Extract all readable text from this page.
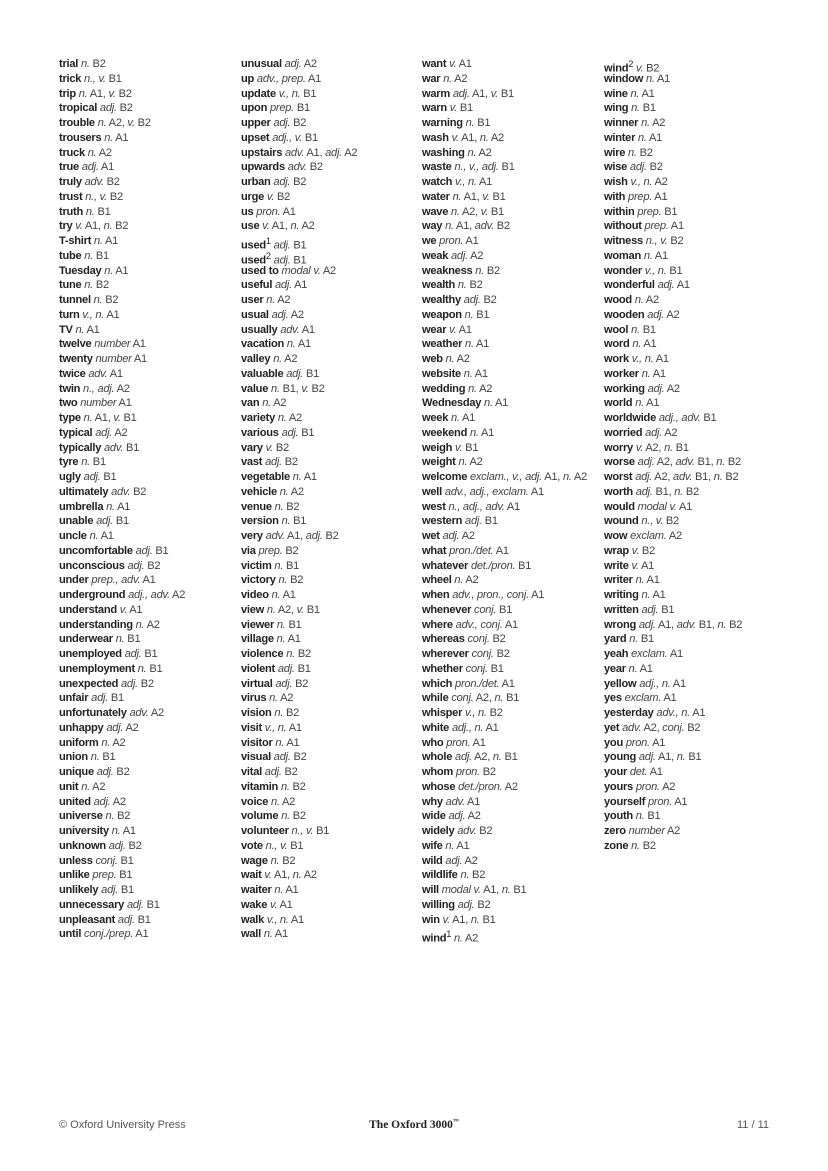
trial n. B2
trick n., v. B1
trip n. A1, v. B2
tropical adj. B2
trouble n. A2, v. B2
trousers n. A1
truck n. A2
true adj. A1
truly adv. B2
trust n., v. B2
truth n. B1
try v. A1, n. B2
T-shirt n. A1
tube n. B1
Tuesday n. A1
tune n. B2
tunnel n. B2
turn v., n. A1
TV n. A1
twelve number A1
twenty number A1
twice adv. A1
twin n., adj. A2
two number A1
type n. A1, v. B1
typical adj. A2
typically adv. B1
tyre n. B1
ugly adj. B1
ultimately adv. B2
umbrella n. A1
unable adj. B1
uncle n. A1
uncomfortable adj. B1
unconscious adj. B2
under prep., adv. A1
underground adj., adv. A2
understand v. A1
understanding n. A2
underwear n. B1
unemployed adj. B1
unemployment n. B1
unexpected adj. B2
unfair adj. B1
unfortunately adv. A2
unhappy adj. A2
uniform n. A2
union n. B1
unique adj. B2
unit n. A2
united adj. A2
universe n. B2
university n. A1
unknown adj. B2
unless conj. B1
unlike prep. B1
unlikely adj. B1
unnecessary adj. B1
unpleasant adj. B1
until conj./prep. A1
unusual adj. A2
up adv., prep. A1
update v., n. B1
upon prep. B1
upper adj. B2
upset adj., v. B1
upstairs adv. A1, adj. A2
upwards adv. B2
urban adj. B2
urge v. B2
us pron. A1
use v. A1, n. A2
used$^1$ adj. B1
used$^2$ adj. B1
used to modal v. A2
useful adj. A1
user n. A2
usual adj. A2
usually adv. A1
vacation n. A1
valley n. A2
valuable adj. B1
value n. B1, v. B2
van n. A2
variety n. A2
various adj. B1
vary v. B2
vast adj. B2
vegetable n. A1
vehicle n. A2
venue n. B2
version n. B1
very adv. A1, adj. B2
via prep. B2
victim n. B1
victory n. B2
video n. A1
view n. A2, v. B1
viewer n. B1
village n. A1
violence n. B2
violent adj. B1
virtual adj. B2
virus n. A2
vision n. B2
visit v., n. A1
visitor n. A1
visual adj. B2
vital adj. B2
vitamin n. B2
voice n. A2
volume n. B2
volunteer n., v. B1
vote n., v. B1
wage n. B2
wait v. A1, n. A2
waiter n. A1
wake v. A1
walk v., n. A1
wall n. A1
want v. A1
war n. A2
warm adj. A1, v. B1
warn v. B1
warning n. B1
wash v. A1, n. A2
washing n. A2
waste n., v., adj. B1
watch v., n. A1
water n. A1, v. B1
wave n. A2, v. B1
way n. A1, adv. B2
we pron. A1
weak adj. A2
weakness n. B2
wealth n. B2
wealthy adj. B2
weapon n. B1
wear v. A1
weather n. A1
web n. A2
website n. A1
wedding n. A2
Wednesday n. A1
week n. A1
weekend n. A1
weigh v. B1
weight n. A2
welcome exclam., v., adj. A1, n. A2
well adv., adj., exclam. A1
west n., adj., adv. A1
western adj. B1
wet adj. A2
what pron./det. A1
whatever det./pron. B1
wheel n. A2
when adv., pron., conj. A1
whenever conj. B1
where adv., conj. A1
whereas conj. B2
wherever conj. B2
whether conj. B1
which pron./det. A1
while conj. A2, n. B1
whisper v., n. B2
white adj., n. A1
who pron. A1
whole adj. A2, n. B1
whom pron. B2
whose det./pron. A2
why adv. A1
wide adj. A2
widely adv. B2
wife n. A1
wild adj. A2
wildlife n. B2
will modal v. A1, n. B1
willing adj. B2
win v. A1, n. B1
wind$^1$ n. A2
wind$^2$ v. B2
window n. A1
wine n. A1
wing n. B1
winner n. A2
winter n. A1
wire n. B2
wise adj. B2
wish v., n. A2
with prep. A1
within prep. B1
without prep. A1
witness n., v. B2
woman n. A1
wonder v., n. B1
wonderful adj. A1
wood n. A2
wooden adj. A2
wool n. B1
word n. A1
work v., n. A1
worker n. A1
working adj. A2
world n. A1
worldwide adj., adv. B1
worried adj. A2
worry v. A2, n. B1
worse adj. A2, adv. B1, n. B2
worst adj. A2, adv. B1, n. B2
worth adj. B1, n. B2
would modal v. A1
wound n., v. B2
wow exclam. A2
wrap v. B2
write v. A1
writer n. A1
writing n. A1
written adj. B1
wrong adj. A1, adv. B1, n. B2
yard n. B1
yeah exclam. A1
year n. A1
yellow adj., n. A1
yes exclam. A1
yesterday adv., n. A1
yet adv. A2, conj. B2
you pron. A1
young adj. A1, n. B1
your det. A1
yours pron. A2
yourself pron. A1
youth n. B1
zero number A2
zone n. B2
© Oxford University Press	The Oxford 3000™	11 / 11
